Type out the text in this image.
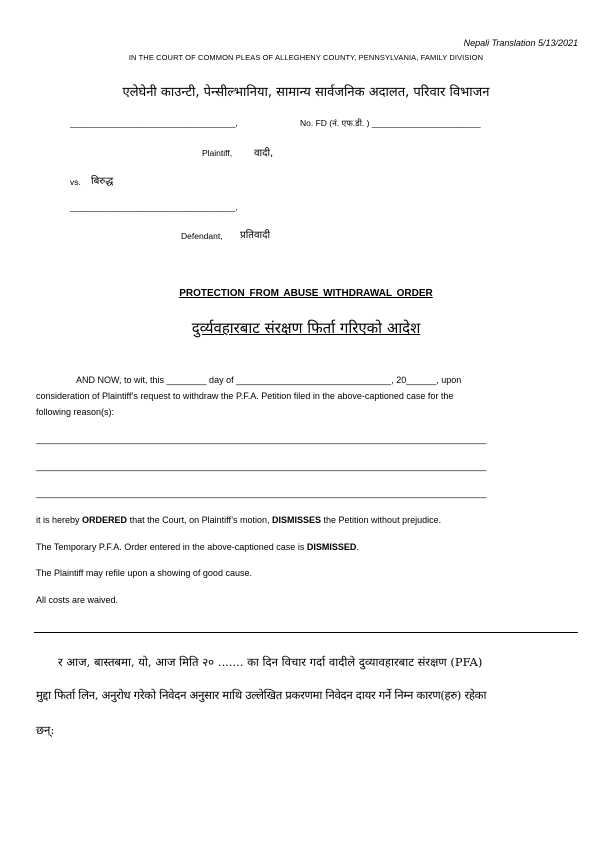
Nepali Translation 5/13/2021
IN THE COURT OF COMMON PLEAS OF ALLEGHENY COUNTY, PENNSYLVANIA, FAMILY DIVISION
एलेघेनी काउन्टी, पेन्सील्भानिया, सामान्य सार्वजनिक अदालत, परिवार विभाजन
___________________________________,	No. FD (नं. एफ.डी. ) _______________________
Plaintiff, वादी,
vs. बिरुद्ध
___________________________________,
Defendant, प्रतिवादी
PROTECTION FROM ABUSE WITHDRAWAL ORDER
दुर्व्यवहारबाट संरक्षण फिर्ता गरिएको आदेश
AND NOW, to wit, this ________ day of _______________________________, 20______, upon
consideration of Plaintiff’s request to withdraw the P.F.A. Petition filed in the above-captioned case for the
following reason(s):
__________________________________________________________________________________________
__________________________________________________________________________________________
__________________________________________________________________________________________
it is hereby ORDERED that the Court, on Plaintiff’s motion, DISMISSES the Petition without prejudice.
The Temporary P.F.A. Order entered in the above-captioned case is DISMISSED.
The Plaintiff may refile upon a showing of good cause.
All costs are waived.
र आज, बास्तबमा, यो, आज मिति २० ....... का दिन विचार गर्दा वादीले दुव्यावहारबाट संरक्षण (PFA)
मुद्दा फिर्ता लिन, अनुरोध गरेको निवेदन अनुसार माथि उल्लेखित प्रकरणमा निवेदन दायर गर्ने निम्न कारण(हरु) रहेका
छन्:
